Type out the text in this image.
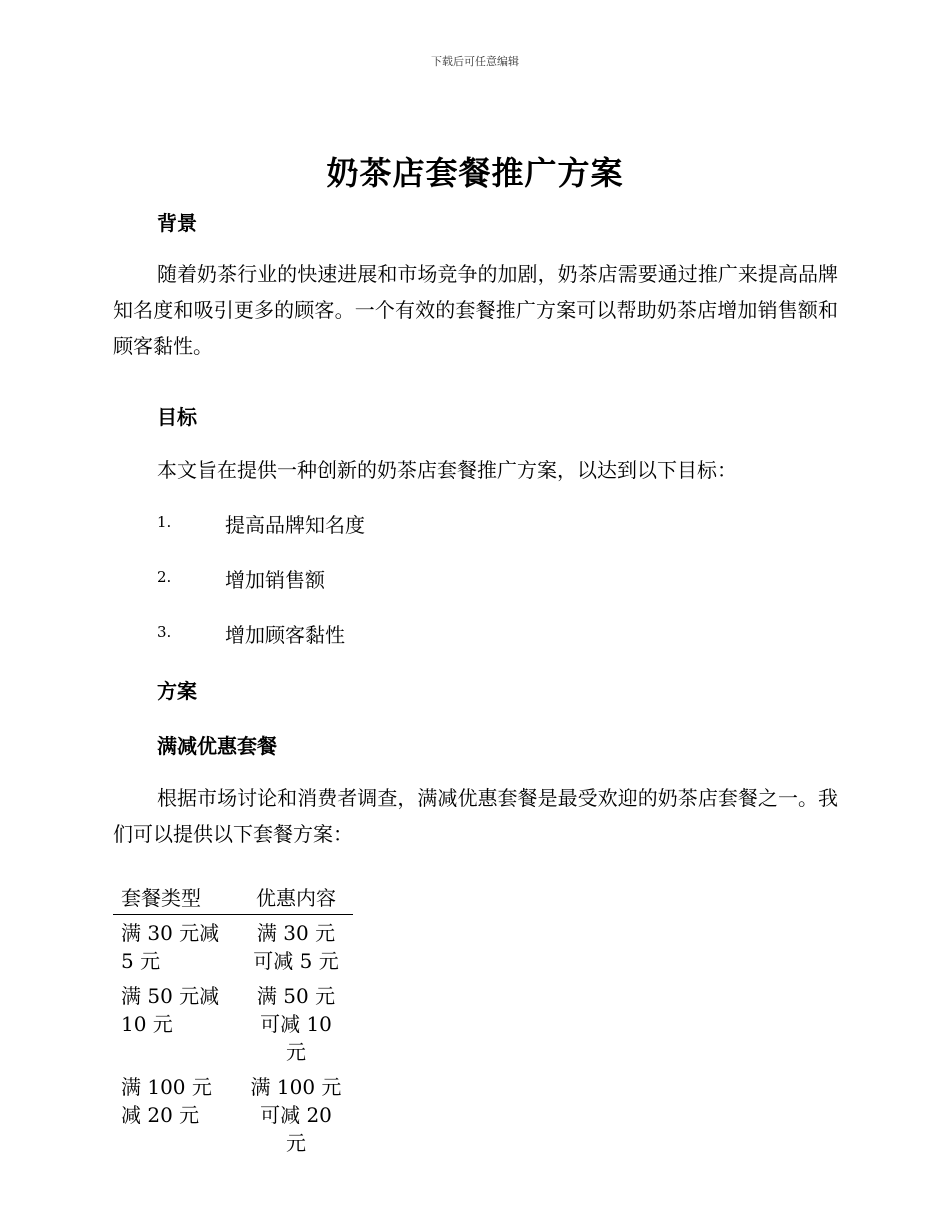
下载后可任意编辑
奶茶店套餐推广方案
背景
随着奶茶行业的快速进展和市场竞争的加剧，奶茶店需要通过推广来提高品牌知名度和吸引更多的顾客。一个有效的套餐推广方案可以帮助奶茶店增加销售额和顾客黏性。
目标
本文旨在提供一种创新的奶茶店套餐推广方案，以达到以下目标：
1.	提高品牌知名度
2.	增加销售额
3.	增加顾客黏性
方案
满减优惠套餐
根据市场讨论和消费者调查，满减优惠套餐是最受欢迎的奶茶店套餐之一。我们可以提供以下套餐方案：
套餐类型	优惠内容
满 30 元减 5 元	满 30 元可减 5 元
满 50 元减 10 元	满 50 元可减 10 元
满 100 元减 20 元	满 100 元可减 20 元
